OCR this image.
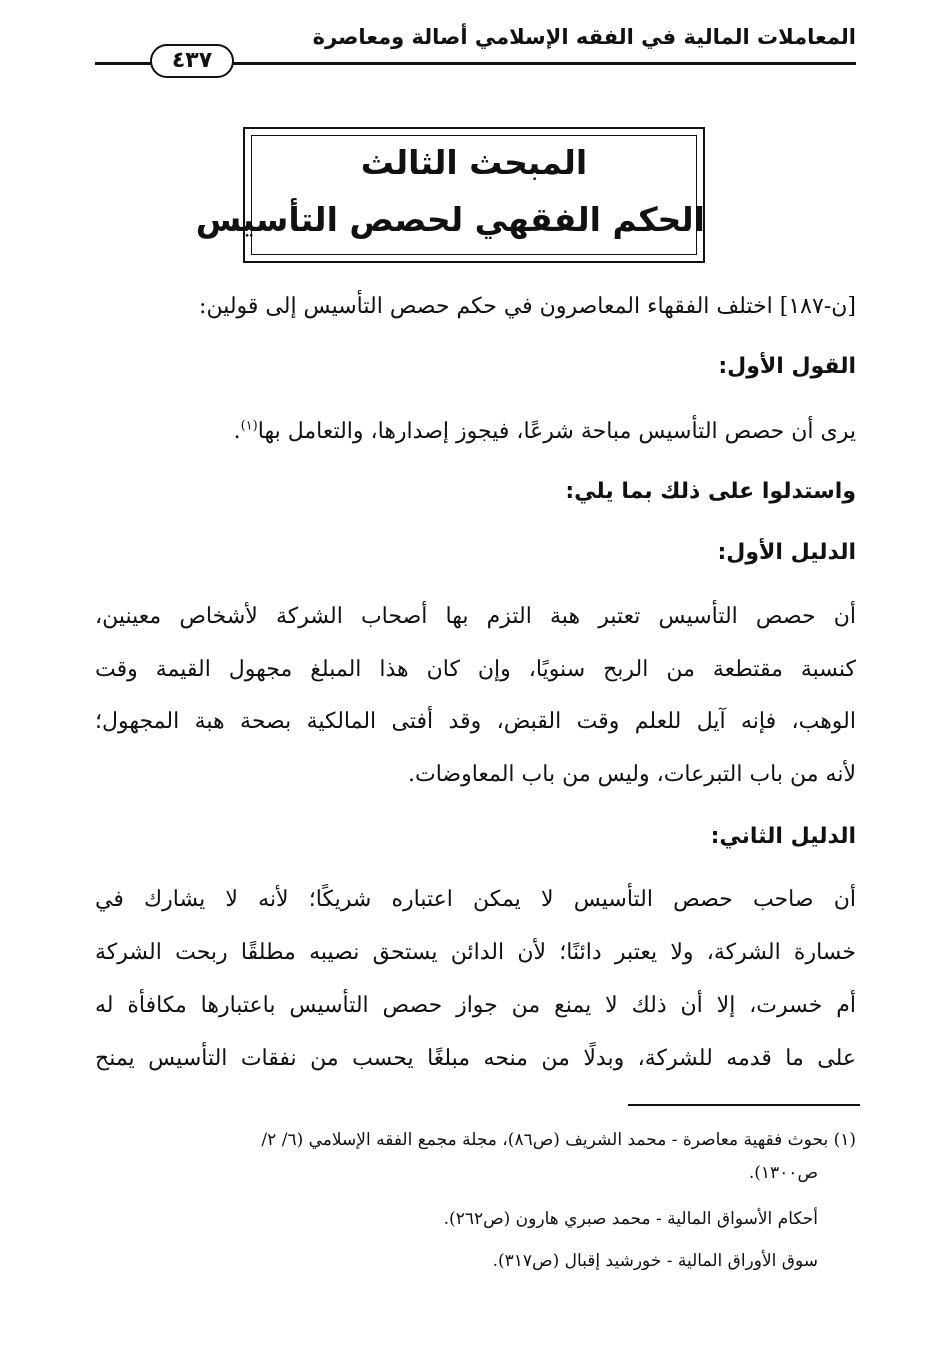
المعاملات المالية في الفقه الإسلامي أصالة ومعاصرة
٤٣٧
المبحث الثالث
الحكم الفقهي لحصص التأسيس
[ن-١٨٧] اختلف الفقهاء المعاصرون في حكم حصص التأسيس إلى قولين:
القول الأول:
يرى أن حصص التأسيس مباحة شرعًا، فيجوز إصدارها، والتعامل بها$^{(١)}$.
واستدلوا على ذلك بما يلي:
الدليل الأول:
أن حصص التأسيس تعتبر هبة التزم بها أصحاب الشركة لأشخاص معينين،
كنسبة مقتطعة من الربح سنويًا، وإن كان هذا المبلغ مجهول القيمة وقت
الوهب، فإنه آيل للعلم وقت القبض، وقد أفتى المالكية بصحة هبة المجهول؛
لأنه من باب التبرعات، وليس من باب المعاوضات.
الدليل الثاني:
أن صاحب حصص التأسيس لا يمكن اعتباره شريكًا؛ لأنه لا يشارك في
خسارة الشركة، ولا يعتبر دائنًا؛ لأن الدائن يستحق نصيبه مطلقًا ربحت الشركة
أم خسرت، إلا أن ذلك لا يمنع من جواز حصص التأسيس باعتبارها مكافأة له
على ما قدمه للشركة، وبدلًا من منحه مبلغًا يحسب من نفقات التأسيس يمنح
(١) بحوث فقهية معاصرة - محمد الشريف (ص٨٦)، مجلة مجمع الفقه الإسلامي (٦/ ٢/
ص١٣٠٠).
أحكام الأسواق المالية - محمد صبري هارون (ص٢٦٢).
سوق الأوراق المالية - خورشيد إقبال (ص٣١٧).
